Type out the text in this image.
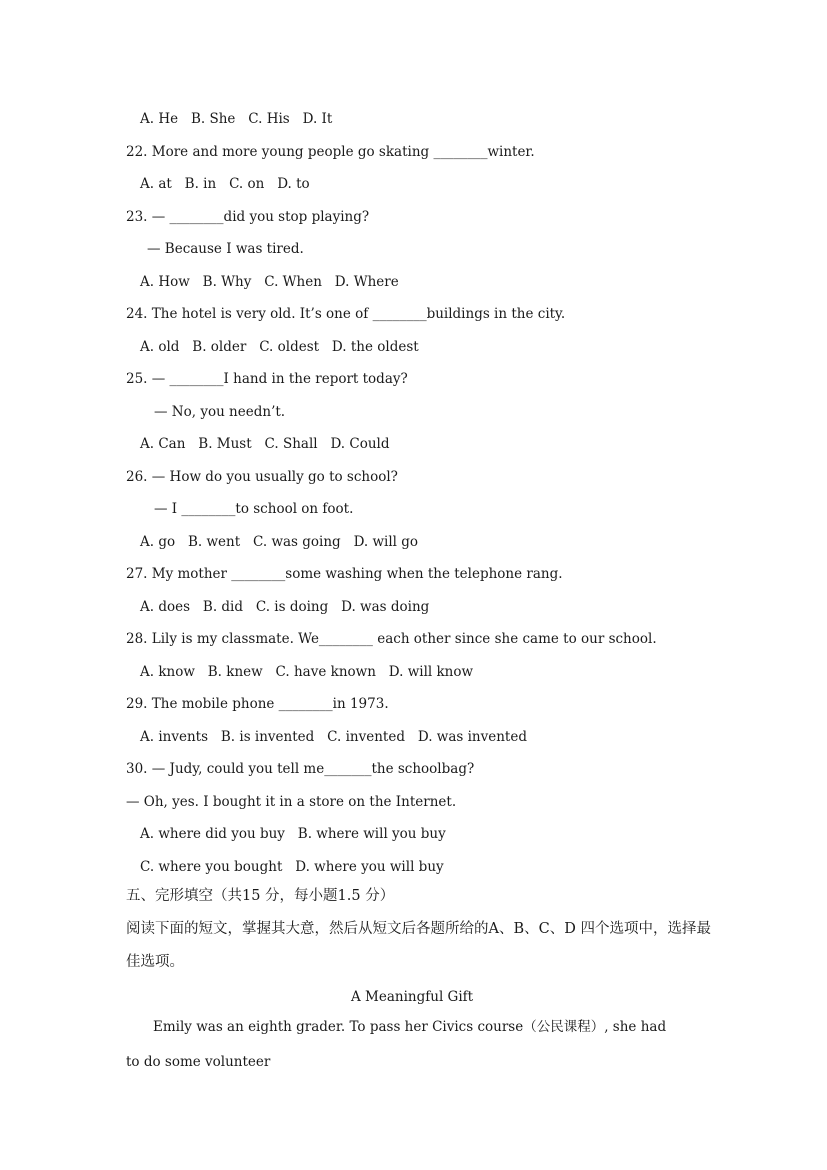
A. He   B. She   C. His   D. It
22. More and more young people go skating ________winter.
A. at   B. in   C. on   D. to
23. — ________did you stop playing?
— Because I was tired.
A. How   B. Why   C. When   D. Where
24. The hotel is very old. It’s one of ________buildings in the city.
A. old   B. older   C. oldest   D. the oldest
25. — ________I hand in the report today?
— No, you needn’t.
A. Can   B. Must   C. Shall   D. Could
26. — How do you usually go to school?
— I ________to school on foot.
A. go   B. went   C. was going   D. will go
27. My mother ________some washing when the telephone rang.
A. does   B. did   C. is doing   D. was doing
28. Lily is my classmate. We________ each other since she came to our school.
A. know   B. knew   C. have known   D. will know
29. The mobile phone ________in 1973.
A. invents   B. is invented   C. invented   D. was invented
30. — Judy, could you tell me_______the schoolbag?
— Oh, yes. I bought it in a store on the Internet.
A. where did you buy   B. where will you buy
C. where you bought   D. where you will buy
五、完形填空（共15 分，每小题1.5 分）
阅读下面的短文，掌握其大意，然后从短文后各题所给的A、B、C、D 四个选项中，选择最
佳选项。
A Meaningful Gift
Emily was an eighth grader. To pass her Civics course（公民课程）, she had
to do some volunteer
